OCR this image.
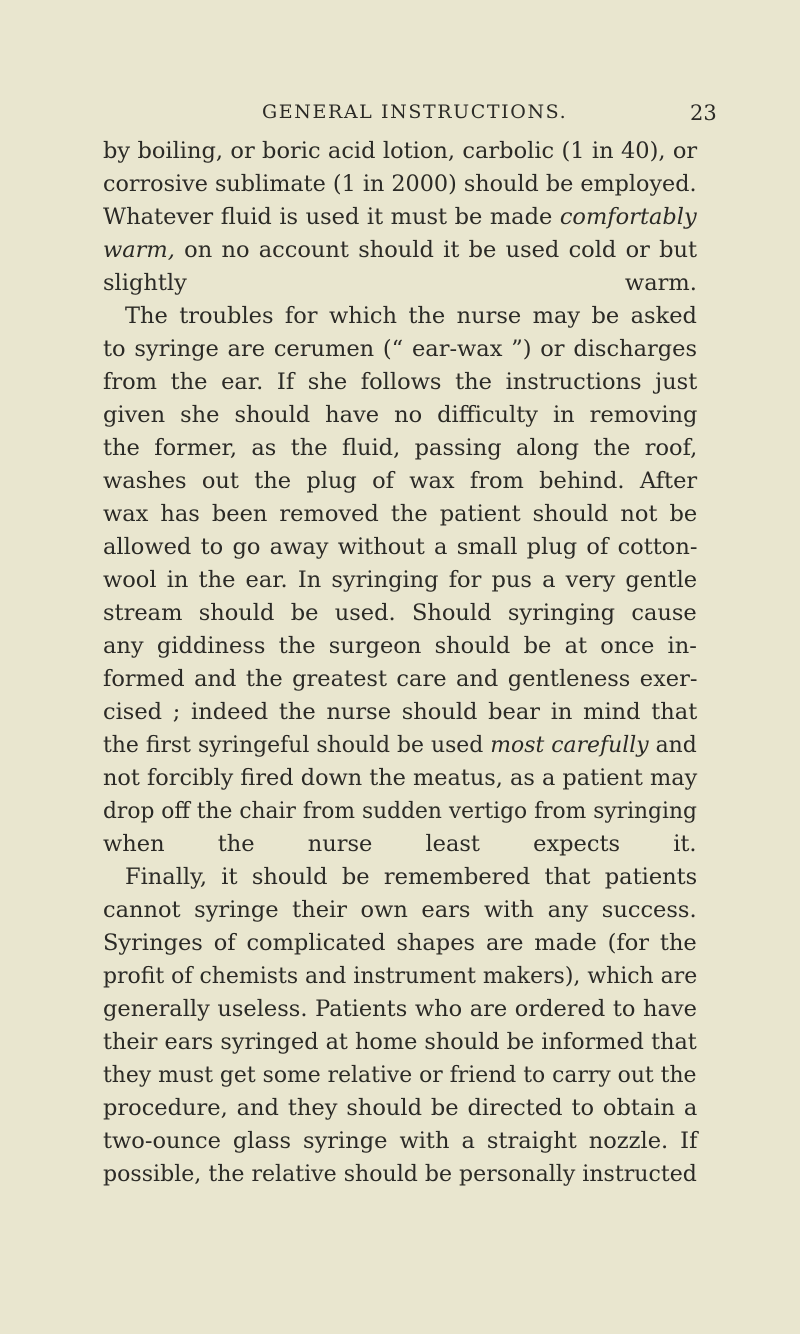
GENERAL INSTRUCTIONS.	23
by boiling, or boric acid lotion, carbolic (1 in 40), or
corrosive sublimate (1 in 2000) should be employed.
Whatever fluid is used it must be made comfortably
warm, on no account should it be used cold or but
slightly warm.
The troubles for which the nurse may be asked
to syringe are cerumen (“ ear-wax ”) or discharges
from the ear. If she follows the instructions just
given she should have no difficulty in removing
the former, as the fluid, passing along the roof,
washes out the plug of wax from behind. After
wax has been removed the patient should not be
allowed to go away without a small plug of cotton-
wool in the ear. In syringing for pus a very gentle
stream should be used. Should syringing cause
any giddiness the surgeon should be at once in-
formed and the greatest care and gentleness exer-
cised ; indeed the nurse should bear in mind that
the first syringeful should be used most carefully and
not forcibly fired down the meatus, as a patient may
drop off the chair from sudden vertigo from syringing
when the nurse least expects it.
Finally, it should be remembered that patients
cannot syringe their own ears with any success.
Syringes of complicated shapes are made (for the
profit of chemists and instrument makers), which are
generally useless. Patients who are ordered to have
their ears syringed at home should be informed that
they must get some relative or friend to carry out the
procedure, and they should be directed to obtain a
two-ounce glass syringe with a straight nozzle. If
possible, the relative should be personally instructed
